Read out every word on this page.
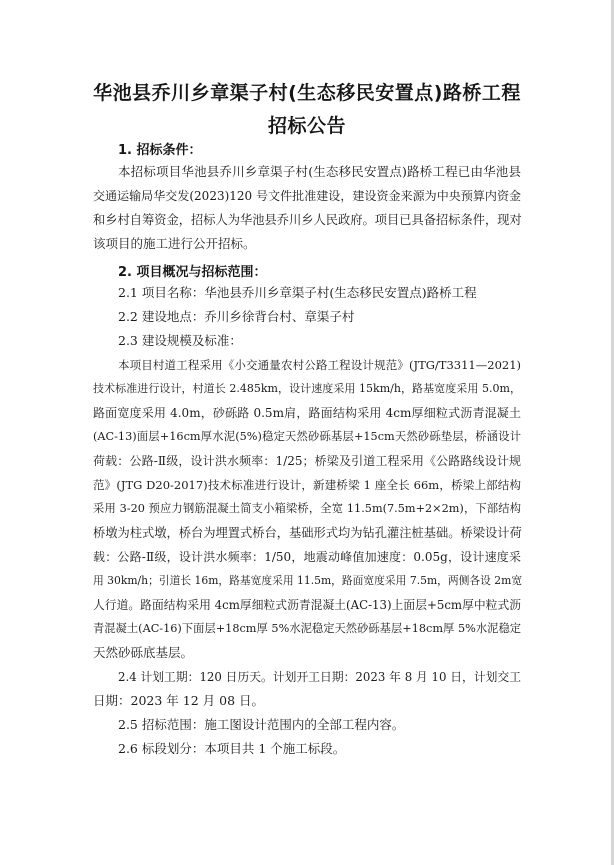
华池县乔川乡章渠子村(生态移民安置点)路桥工程
招标公告
1. 招标条件：
本招标项目华池县乔川乡章渠子村(生态移民安置点)路桥工程已由华池县
交通运输局华交发(2023)120 号文件批准建设，建设资金来源为中央预算内资金
和乡村自筹资金，招标人为华池县乔川乡人民政府。项目已具备招标条件，现对
该项目的施工进行公开招标。
2. 项目概况与招标范围：
2.1 项目名称：华池县乔川乡章渠子村(生态移民安置点)路桥工程
2.2 建设地点：乔川乡徐背台村、章渠子村
2.3 建设规模及标准：
本项目村道工程采用《小交通量农村公路工程设计规范》(JTG/T3311—2021)
技术标准进行设计，村道长 2.485km，设计速度采用 15km/h，路基宽度采用 5.0m，
路面宽度采用 4.0m，砂砾路 0.5m肩，路面结构采用 4cm厚细粒式沥青混凝土
(AC-13)面层+16cm厚水泥(5%)稳定天然砂砾基层+15cm天然砂砾垫层，桥涵设计
荷载：公路-Ⅱ级，设计洪水频率：1/25；桥梁及引道工程采用《公路路线设计规
范》(JTG D20-2017)技术标准进行设计，新建桥梁 1 座全长 66m，桥梁上部结构
采用 3-20 预应力钢筋混凝土简支小箱梁桥，全宽 11.5m(7.5m+2×2m)，下部结构
桥墩为柱式墩，桥台为埋置式桥台，基础形式均为钻孔灌注桩基础。桥梁设计荷
载：公路-Ⅱ级，设计洪水频率：1/50，地震动峰值加速度：0.05g，设计速度采
用 30km/h；引道长 16m，路基宽度采用 11.5m，路面宽度采用 7.5m，两侧各设 2m宽
人行道。路面结构采用 4cm厚细粒式沥青混凝土(AC-13)上面层+5cm厚中粒式沥
青混凝土(AC-16)下面层+18cm厚 5%水泥稳定天然砂砾基层+18cm厚 5%水泥稳定
天然砂砾底基层。
2.4 计划工期：120 日历天。计划开工日期：2023 年 8 月 10 日，计划交工
日期：2023 年 12 月 08 日。
2.5 招标范围：施工图设计范围内的全部工程内容。
2.6 标段划分：本项目共 1 个施工标段。
